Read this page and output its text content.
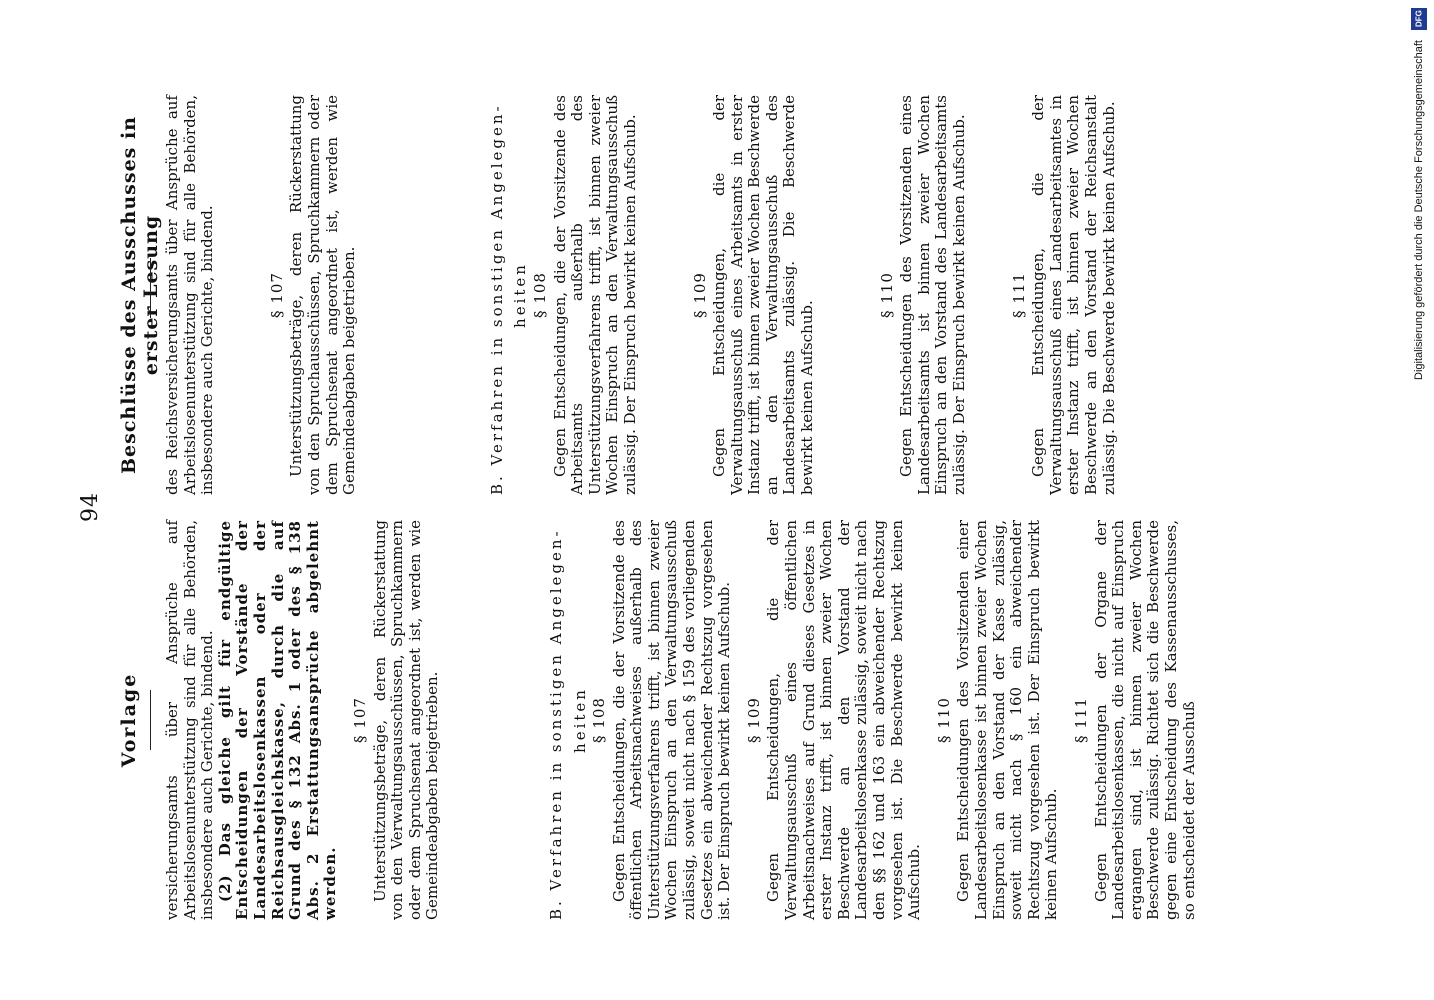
94
Vorlage versicherungsamts über Ansprüche auf Arbeitslosenunterstützung sind für alle Behörden, insbesondere auch Gerichte, bindend. (2) Das gleiche gilt für endgültige Entscheidungen der Vorstände der Landesarbeitslosenkassen oder der Reichsausgleichskasse, durch die auf Grund des § 132 Abs. 1 oder des § 138 Abs. 2 Erstattungsansprüche abgelehnt werden.

§ 107 Unterstützungsbeträge, deren Rückerstattung von den Verwaltungsausschüssen, Spruchkammern oder dem Spruchsenat angeordnet ist, werden wie Gemeindeabgaben beigetrieben.	B. Verfahren in sonstigen Angelegen- heiten § 108 Gegen Entscheidungen, die der Vorsitzende des öffentlichen Arbeitsnachweises außerhalb des Unterstützungsverfahrens trifft, ist binnen zweier Wochen Einspruch an den Verwaltungsausschuß zulässig, soweit nicht nach § 159 des vorliegenden Gesetzes ein abweichender Rechtszug vorgesehen ist. Der Einspruch bewirkt keinen Aufschub. § 109 Gegen Entscheidungen, die der Verwaltungsausschuß eines öffentlichen Arbeitsnachweises auf Grund dieses Gesetzes in erster Instanz trifft, ist binnen zweier Wochen Beschwerde an den Vorstand der Landesarbeitslosenkasse zulässig, soweit nicht nach den §§ 162 und 163 ein abweichender Rechtszug vorgesehen ist. Die Beschwerde bewirkt keinen Aufschub.

§ 110 Gegen Entscheidungen des Vorsitzenden einer Landesarbeitslosenkasse ist binnen zweier Wochen Einspruch an den Vorstand der Kasse zulässig, soweit nicht nach § 160 ein abweichender Rechtszug vorgesehen ist. Der Einspruch bewirkt keinen Aufschub.

§ 111 Gegen Entscheidungen der Organe der Landesarbeitslosenkassen, die nicht auf Einspruch ergangen sind, ist binnen zweier Wochen Beschwerde zulässig. Richtet sich die Beschwerde gegen eine Entscheidung des Kassenausschusses, so entscheidet der Ausschuß

Beschlüsse des Ausschusses in erster Lesung des Reichsversicherungsamts über Ansprüche auf Arbeitslosenunterstützung sind für alle Behörden, insbesondere auch Gerichte, bindend.	§ 107 Unterstützungsbeträge, deren Rückerstattung von den Spruchausschüssen, Spruchkammern oder dem Spruchsenat angeordnet ist, werden wie Gemeindeabgaben beigetrieben.	B. Verfahren in sonstigen Angelegen- heiten § 108 Gegen Entscheidungen, die der Vorsitzende des Arbeitsamts außerhalb des Unterstützungsverfahrens trifft, ist binnen zweier Wochen Einspruch an den Verwaltungsausschuß zulässig. Der Einspruch bewirkt keinen Aufschub.	§ 109 Gegen Entscheidungen, die der Verwaltungsausschuß eines Arbeitsamts in erster Instanz trifft, ist binnen zweier Wochen Beschwerde an den Verwaltungsausschuß des Landesarbeitsamts zulässig. Die Beschwerde bewirkt keinen Aufschub.

§ 110 Gegen Entscheidungen des Vorsitzenden eines Landesarbeitsamts ist binnen zweier Wochen Einspruch an den Vorstand des Landesarbeitsamts zulässig. Der Einspruch bewirkt keinen Aufschub.	§ 111 Gegen Entscheidungen, die der Verwaltungsausschuß eines Landesarbeitsamtes in erster Instanz trifft, ist binnen zweier Wochen Beschwerde an den Vorstand der Reichsanstalt zulässig. Die Beschwerde bewirkt keinen Aufschub.

DFG
Digitalisierung gefördert durch die Deutsche Forschungsgemeinschaft
